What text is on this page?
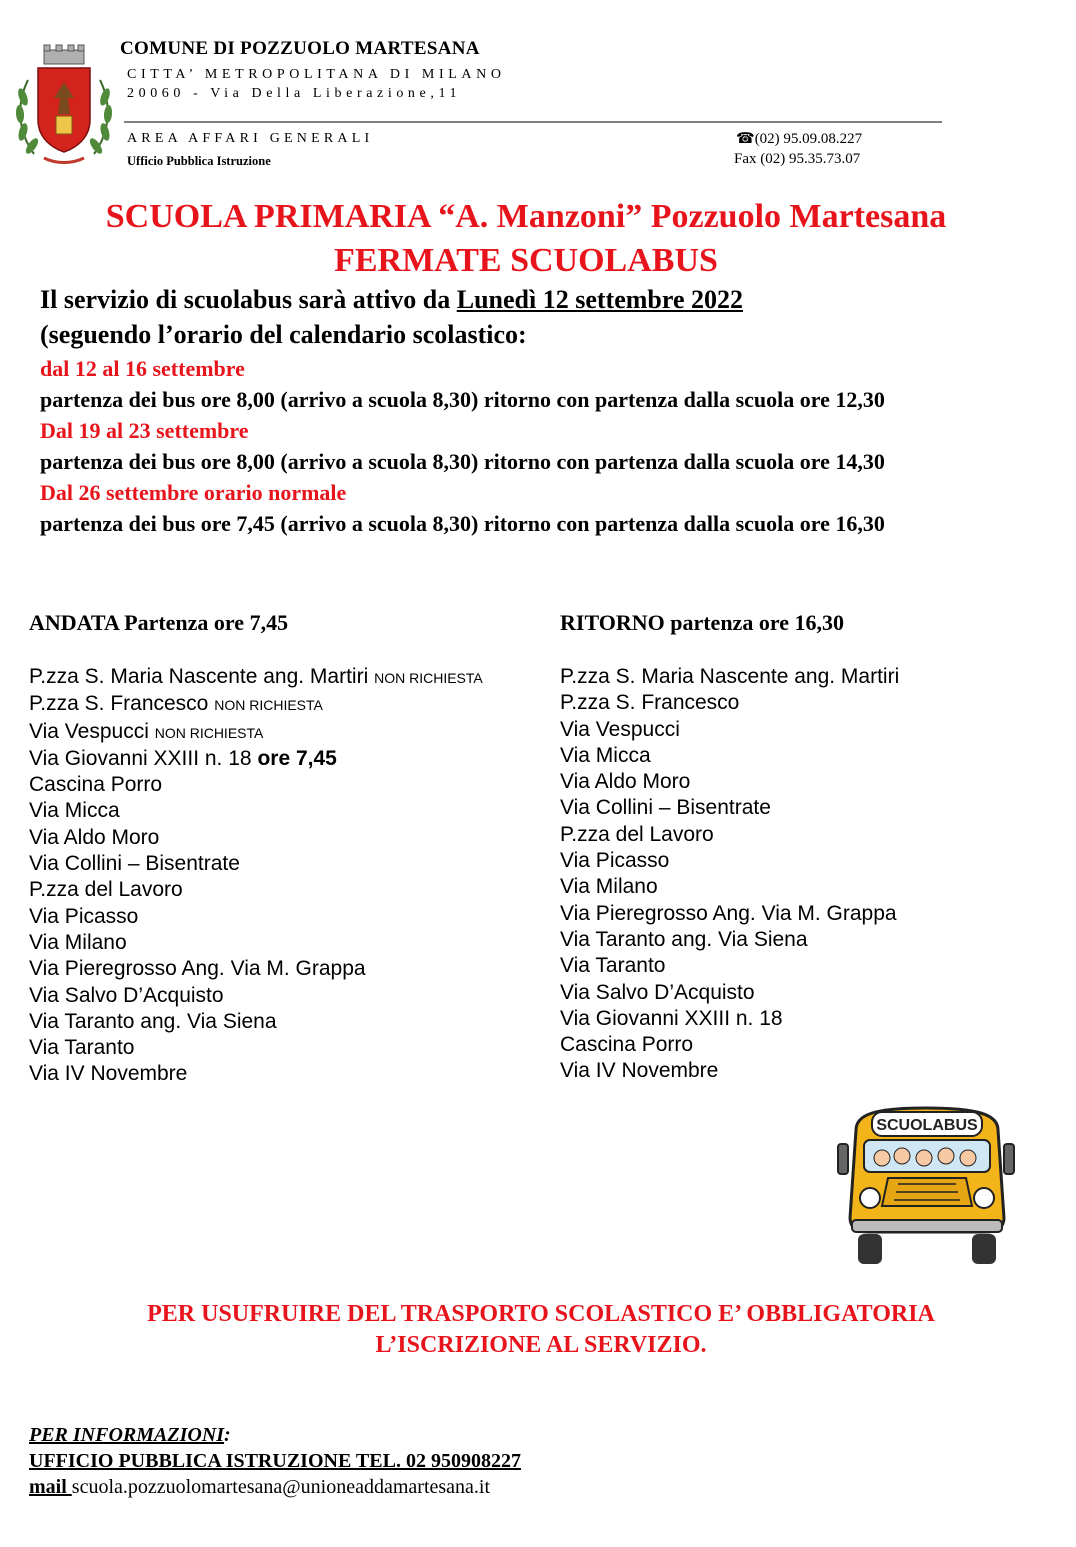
COMUNE DI POZZUOLO MARTESANA
CITTA’ METROPOLITANA DI MILANO
20060 - Via Della Liberazione,11
AREA AFFARI GENERALI
Ufficio Pubblica Istruzione
☎(02) 95.09.08.227
Fax (02) 95.35.73.07
SCUOLA PRIMARIA “A. Manzoni” Pozzuolo Martesana
FERMATE SCUOLABUS
Il servizio di scuolabus sarà attivo da Lunedì 12 settembre 2022
(seguendo l’orario del calendario scolastico:
dal 12 al 16 settembre
partenza dei bus ore 8,00 (arrivo a scuola 8,30) ritorno con partenza dalla scuola ore 12,30
Dal 19 al 23 settembre
partenza dei bus ore 8,00 (arrivo a scuola 8,30) ritorno con partenza dalla scuola ore 14,30
Dal 26 settembre orario normale
partenza dei bus ore 7,45 (arrivo a scuola 8,30) ritorno con partenza dalla scuola ore 16,30
ANDATA Partenza ore 7,45
P.zza S. Maria Nascente ang. Martiri NON RICHIESTA
P.zza S. Francesco NON RICHIESTA
Via Vespucci NON RICHIESTA
Via Giovanni XXIII n. 18 ore 7,45
Cascina Porro
Via Micca
Via Aldo Moro
Via Collini – Bisentrate
P.zza del Lavoro
Via Picasso
Via Milano
Via Pieregrosso Ang. Via M. Grappa
Via Salvo D’Acquisto
Via Taranto ang. Via Siena
Via Taranto
Via IV Novembre
RITORNO partenza ore 16,30
P.zza S. Maria Nascente ang. Martiri
P.zza S. Francesco
Via Vespucci
Via Micca
Via Aldo Moro
Via Collini – Bisentrate
P.zza del Lavoro
Via Picasso
Via Milano
Via Pieregrosso Ang. Via M. Grappa
Via Taranto ang. Via Siena
Via Taranto
Via Salvo D’Acquisto
Via Giovanni XXIII n. 18
Cascina Porro
Via IV Novembre
SCUOLABUS
PER USUFRUIRE DEL TRASPORTO SCOLASTICO E’ OBBLIGATORIA
L’ISCRIZIONE AL SERVIZIO.
PER INFORMAZIONI:
UFFICIO PUBBLICA ISTRUZIONE TEL. 02 950908227
mail scuola.pozzuolomartesana@unioneaddamartesana.it
